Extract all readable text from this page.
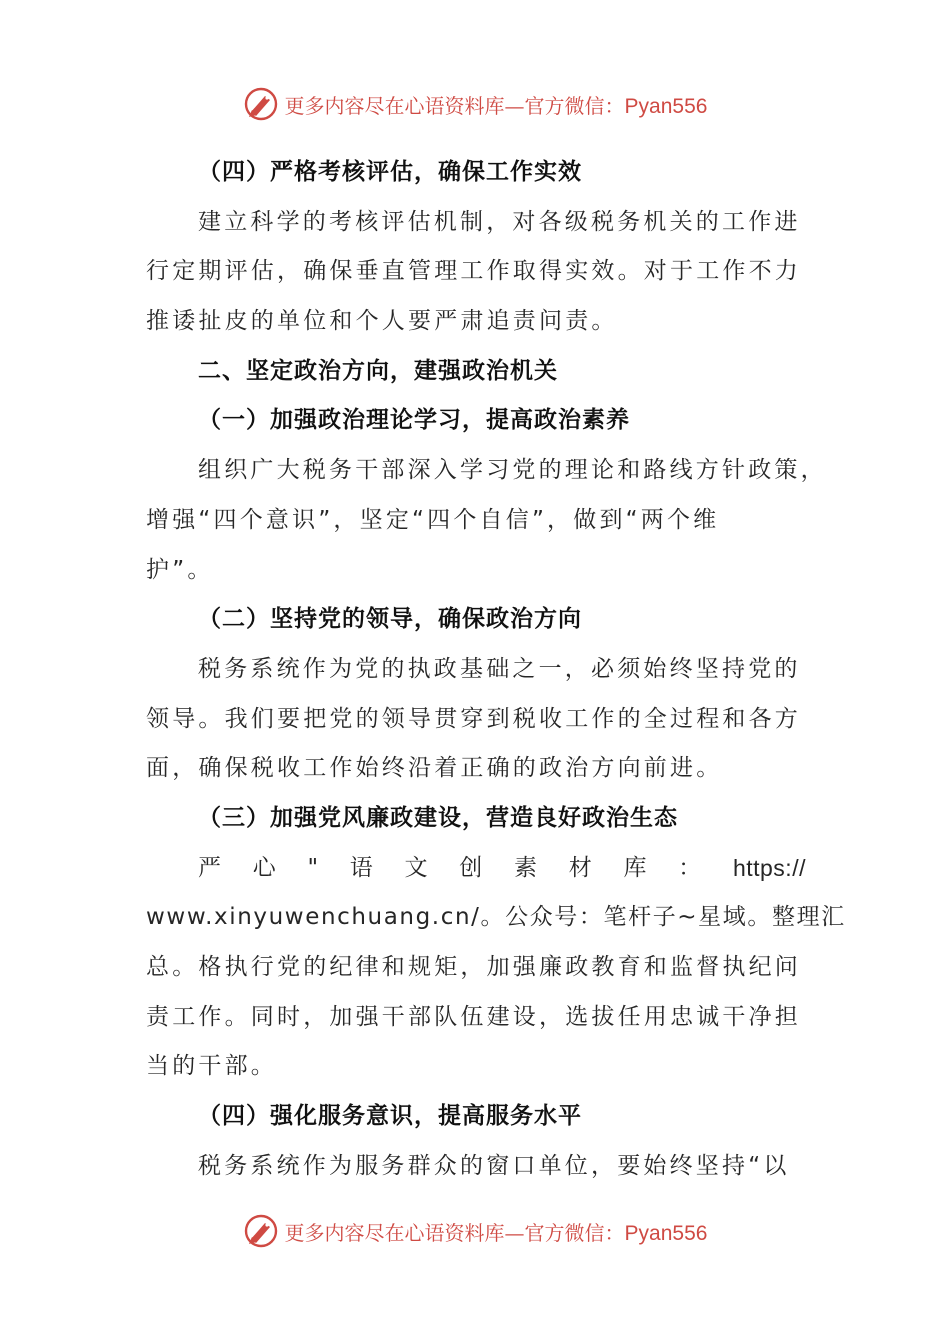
更多内容尽在心语资料库—官方微信：Pyan556
（四）严格考核评估，确保工作实效
建立科学的考核评估机制，对各级税务机关的工作进
行定期评估，确保垂直管理工作取得实效。对于工作不力
推诿扯皮的单位和个人要严肃追责问责。
二、坚定政治方向，建强政治机关
（一）加强政治理论学习，提高政治素养
组织广大税务干部深入学习党的理论和路线方针政策，
增强“四个意识”，坚定“四个自信”，做到“两个维
护”。
（二）坚持党的领导，确保政治方向
税务系统作为党的执政基础之一，必须始终坚持党的
领导。我们要把党的领导贯穿到税收工作的全过程和各方
面，确保税收工作始终沿着正确的政治方向前进。
（三）加强党风廉政建设，营造良好政治生态
严 心 " 语 文 创 素 材 库 ： https://
www.xinyuwenchuang.cn/。公众号：笔杆子~星域。整理汇
总。格执行党的纪律和规矩，加强廉政教育和监督执纪问
责工作。同时，加强干部队伍建设，选拔任用忠诚干净担
当的干部。
（四）强化服务意识，提高服务水平
税务系统作为服务群众的窗口单位，要始终坚持“以
更多内容尽在心语资料库—官方微信：Pyan556
